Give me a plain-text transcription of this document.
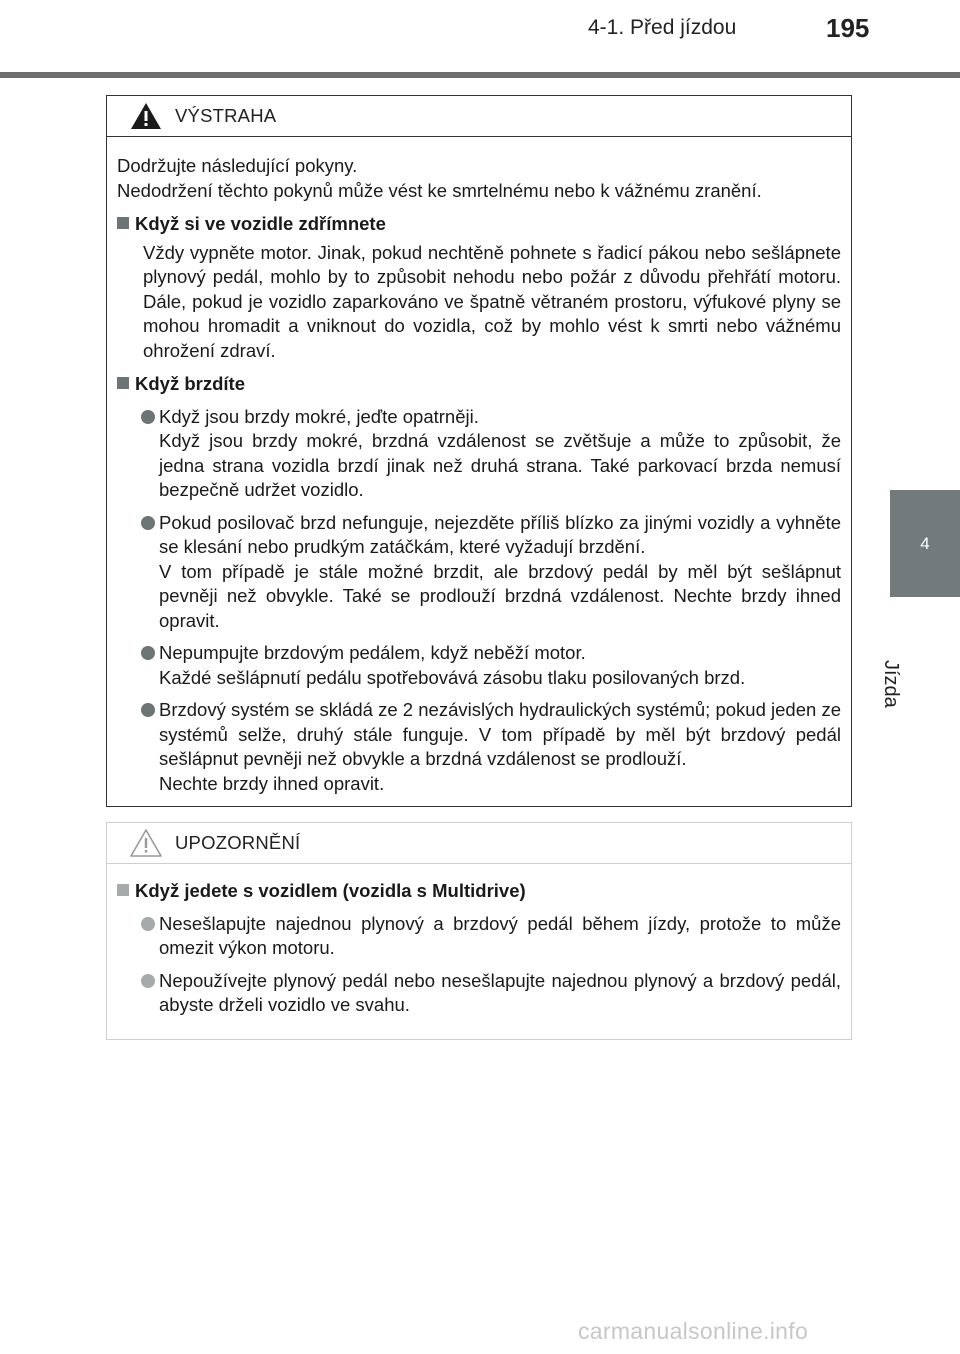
4-1. Před jízdou	195
4
Jízda
VÝSTRAHA

Dodržujte následující pokyny.

Nedodržení těchto pokynů může vést ke smrtelnému nebo k vážnému zranění.

Když si ve vozidle zdřímnete
Vždy vypněte motor. Jinak, pokud nechtěně pohnete s řadicí pákou nebo sešlápnete plynový pedál, mohlo by to způsobit nehodu nebo požár z důvodu přehřátí motoru. Dále, pokud je vozidlo zaparkováno ve špatně větraném prostoru, výfukové plyny se mohou hromadit a vniknout do vozidla, což by mohlo vést k smrti nebo vážnému ohrožení zdraví.
Když brzdíte
Když jsou brzdy mokré, jeďte opatrněji.
Když jsou brzdy mokré, brzdná vzdálenost se zvětšuje a může to způsobit, že jedna strana vozidla brzdí jinak než druhá strana. Také parkovací brzda nemusí bezpečně udržet vozidlo.
Pokud posilovač brzd nefunguje, nejezděte příliš blízko za jinými vozidly a vyhněte se klesání nebo prudkým zatáčkám, které vyžadují brzdění.
V tom případě je stále možné brzdit, ale brzdový pedál by měl být sešlápnut pevněji než obvykle. Také se prodlouží brzdná vzdálenost. Nechte brzdy ihned opravit.
Nepumpujte brzdovým pedálem, když neběží motor.
Každé sešlápnutí pedálu spotřebovává zásobu tlaku posilovaných brzd.
Brzdový systém se skládá ze 2 nezávislých hydraulických systémů; pokud jeden ze systémů selže, druhý stále funguje. V tom případě by měl být brzdový pedál sešlápnut pevněji než obvykle a brzdná vzdálenost se prodlouží.
Nechte brzdy ihned opravit.
UPOZORNĚNÍ
Když jedete s vozidlem (vozidla s Multidrive)
Nesešlapujte najednou plynový a brzdový pedál během jízdy, protože to může omezit výkon motoru.
Nepoužívejte plynový pedál nebo nesešlapujte najednou plynový a brzdový pedál, abyste drželi vozidlo ve svahu.
carmanualsonline.info
